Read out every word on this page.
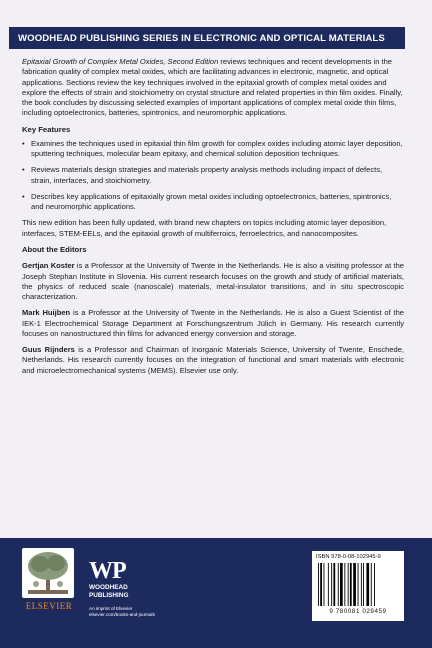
WOODHEAD PUBLISHING SERIES IN ELECTRONIC AND OPTICAL MATERIALS

Epitaxial Growth of Complex Metal Oxides, Second Edition reviews techniques and recent developments in the fabrication quality of complex metal oxides, which are facilitating advances in electronic, magnetic, and optical applications. Sections review the key techniques involved in the epitaxial growth of complex metal oxides and explore the effects of strain and stoichiometry on crystal structure and related properties in thin film oxides. Finally, the book concludes by discussing selected examples of important applications of complex metal oxide thin films, including optoelectronics, batteries, spintronics, and neuromorphic applications.

Key Features

• Examines the techniques used in epitaxial thin film growth for complex oxides including atomic layer deposition, sputtering techniques, molecular beam epitaxy, and chemical solution deposition techniques.
• Reviews materials design strategies and materials property analysis methods including impact of defects, strain, interfaces, and stoichiometry.
• Describes key applications of epitaxially grown metal oxides including optoelectronics, batteries, spintronics, and neuromorphic applications.

This new edition has been fully updated, with brand new chapters on topics including atomic layer deposition, interfaces, STEM-EELs, and the epitaxial growth of multiferroics, ferroelectrics, and nanocomposites.

About the Editors

Gertjan Koster is a Professor at the University of Twente in the Netherlands. He is also a visiting professor at the Joseph Stephan Institute in Slovenia. His current research focuses on the growth and study of artificial materials, the physics of reduced scale (nanoscale) materials, metal-insulator transitions, and in situ spectroscopic characterization.

Mark Huijben is a Professor at the University of Twente in the Netherlands. He is also a Guest Scientist of the IEK-1 Electrochemical Storage Department at Forschungszentrum Jülich in Germany. His research currently focuses on nanostructured thin films for advanced energy conversion and storage.

Guus Rijnders is a Professor and Chairman of Inorganic Materials Science, University of Twente, Enschede, Netherlands. His research currently focuses on the integration of functional and smart materials with electronic and microelectromechanical systems (MEMS). Elsevier use only.

ELSEVIER
WP
WOODHEAD
PUBLISHING
An imprint of Elsevier
elsevier.com/books-and-journals
ISBN 978-0-08-102945-9
9 780081 029459
